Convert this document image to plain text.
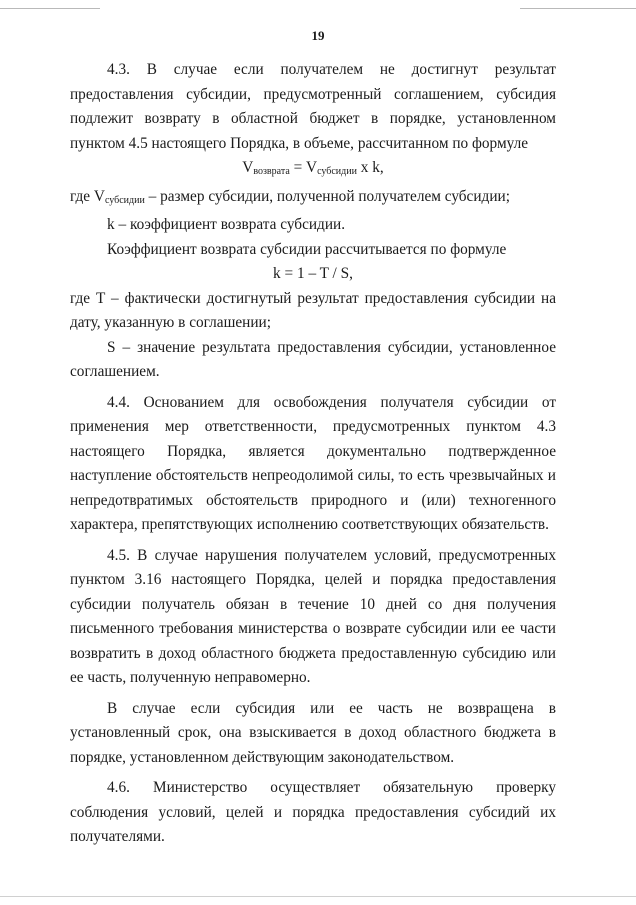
19

4.3. В случае если получателем не достигнут результат предоставления субсидии, предусмотренный соглашением, субсидия подлежит возврату в областной бюджет в порядке, установленном пунктом 4.5 настоящего Порядка, в объеме, рассчитанном по формуле

$V_{возврата} = V_{субсидии}$ x k,

где $V_{субсидии}$ – размер субсидии, полученной получателем субсидии;

k – коэффициент возврата субсидии.

Коэффициент возврата субсидии рассчитывается по формуле

k = 1 – T / S,

где T – фактически достигнутый результат предоставления субсидии на дату, указанную в соглашении;

S – значение результата предоставления субсидии, установленное соглашением.

4.4. Основанием для освобождения получателя субсидии от применения мер ответственности, предусмотренных пунктом 4.3 настоящего Порядка, является документально подтвержденное наступление обстоятельств непреодолимой силы, то есть чрезвычайных и непредотвратимых обстоятельств природного и (или) техногенного характера, препятствующих исполнению соответствующих обязательств.

4.5. В случае нарушения получателем условий, предусмотренных пунктом 3.16 настоящего Порядка, целей и порядка предоставления субсидии получатель обязан в течение 10 дней со дня получения письменного требования министерства о возврате субсидии или ее части возвратить в доход областного бюджета предоставленную субсидию или ее часть, полученную неправомерно.

В случае если субсидия или ее часть не возвращена в установленный срок, она взыскивается в доход областного бюджета в порядке, установленном действующим законодательством.

4.6. Министерство осуществляет обязательную проверку соблюдения условий, целей и порядка предоставления субсидий их получателями.
